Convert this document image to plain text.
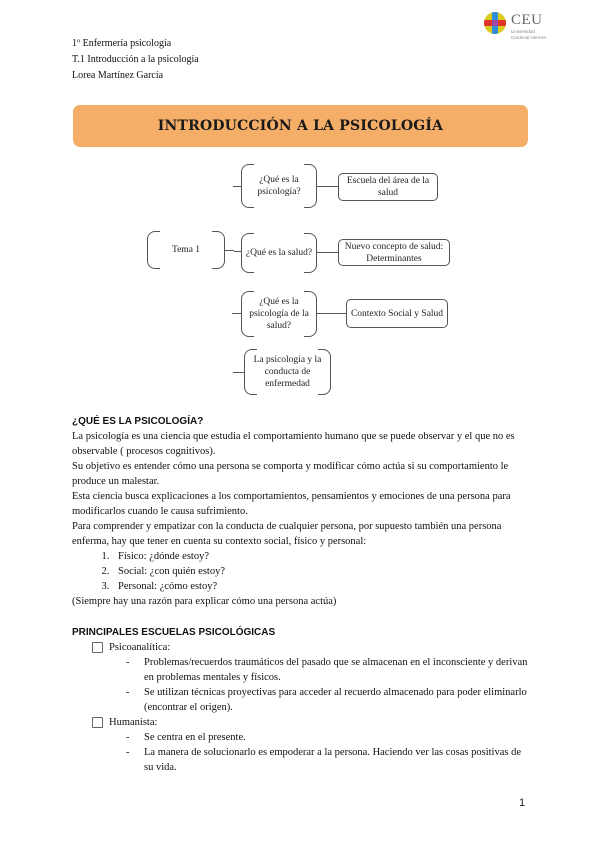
1º Enfermería psicología
T.1 Introducción a la psicología
Lorea Martínez García
CEU
Universidad
Cardenal Herrera
INTRODUCCIÓN A LA PSICOLOGÍA
Tema 1
¿Qué es la psicología?
Escuela del área de la salud
¿Qué es la salud?
Nuevo concepto de salud: Determinantes
¿Qué es la psicología de la salud?
Contexto Social y Salud
La psicología y la conducta de enfermedad
¿QUÉ ES LA PSICOLOGÍA?

La psicología es una ciencia que estudia el comportamiento humano que se puede observar y el que no es observable ( procesos cognitivos).

Su objetivo es entender cómo una persona se comporta y modificar cómo actúa si su comportamiento le produce un malestar.

Esta ciencia busca explicaciones a los comportamientos, pensamientos y emociones de una persona para modificarlos cuando le causa sufrimiento.

Para comprender y empatizar con la conducta de cualquier persona, por supuesto también una persona enferma, hay que tener en cuenta su contexto social, físico y personal:

1. Físico: ¿dónde estoy?
2. Social: ¿con quién estoy?
3. Personal: ¿cómo estoy?

(Siempre hay una razón para explicar cómo una persona actúa)

PRINCIPALES ESCUELAS PSICOLÓGICAS
Psicoanalítica:
- Problemas/recuerdos traumáticos del pasado que se almacenan en el inconsciente y derivan en problemas mentales y físicos.
- Se utilizan técnicas proyectivas para acceder al recuerdo almacenado para poder eliminarlo (encontrar el origen).
Humanista:
- Se centra en el presente.
- La manera de solucionarlo es empoderar a la persona. Haciendo ver las cosas positivas de su vida.
1
